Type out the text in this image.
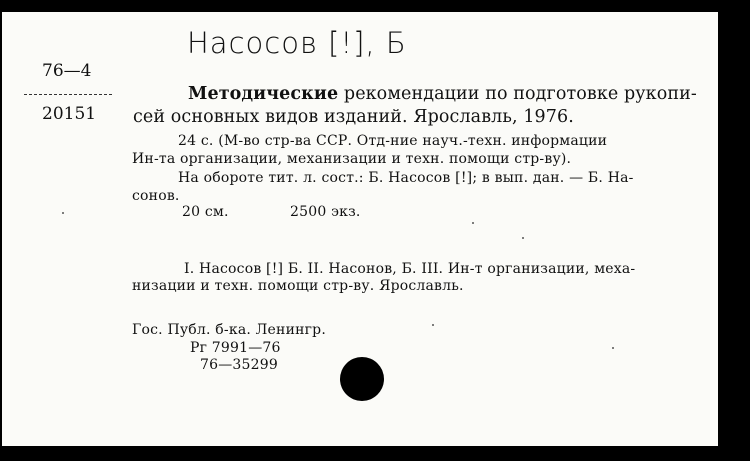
Насосов [!], Б
76—4
20151
Методические рекомендации по подготовке рукопи-
сей основных видов изданий. Ярославль, 1976.
24 с. (М-во стр-ва ССР. Отд-ние науч.-техн. информации
Ин-та организации, механизации и техн. помощи стр-ву).
На обороте тит. л. сост.: Б. Насосов [!]; в вып. дан. — Б. На-
сонов.
20 см.	2500 экз.
I. Насосов [!] Б. II. Насонов, Б. III. Ин-т организации, меха-
низации и техн. помощи стр-ву. Ярославль.
Гос. Публ. б-ка. Ленингр.
Рг 7991—76
76—35299
